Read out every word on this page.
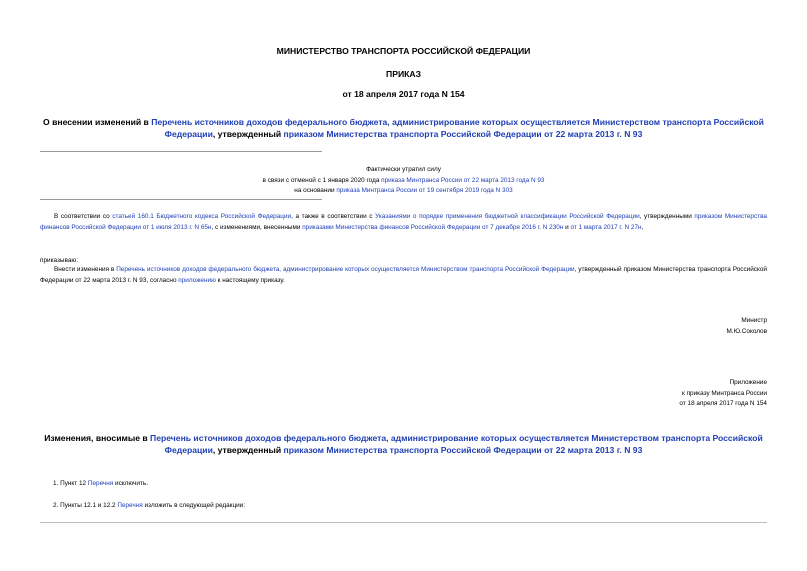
МИНИСТЕРСТВО ТРАНСПОРТА РОССИЙСКОЙ ФЕДЕРАЦИИ
ПРИКАЗ
от 18 апреля 2017 года N 154
О внесении изменений в Перечень источников доходов федерального бюджета, администрирование которых осуществляется Министерством транспорта Российской Федерации, утвержденный приказом Министерства транспорта Российской Федерации от 22 марта 2013 г. N 93
Фактически утратил силу
в связи с отменой с 1 января 2020 года приказа Минтранса России от 22 марта 2013 года N 93
на основании приказа Минтранса России от 19 сентября 2019 года N 303
В соответствии со статьей 160.1 Бюджетного кодекса Российской Федерации, а также в соответствии с Указаниями о порядке применения бюджетной классификации Российской Федерации, утвержденными приказом Министерства финансов Российской Федерации от 1 июля 2013 г. N 65н, с изменениями, внесенными приказами Министерства финансов Российской Федерации от 7 декабря 2016 г. N 230н и от 1 марта 2017 г. N 27н,
приказываю:
Внести изменения в Перечень источников доходов федерального бюджета, администрирование которых осуществляется Министерством транспорта Российской Федерации, утвержденный приказом Министерства транспорта Российской Федерации от 22 марта 2013 г. N 93, согласно приложению к настоящему приказу.
Министр
М.Ю.Соколов
Приложение
к приказу Минтранса России
от 18 апреля 2017 года N 154
Изменения, вносимые в Перечень источников доходов федерального бюджета, администрирование которых осуществляется Министерством транспорта Российской Федерации, утвержденный приказом Министерства транспорта Российской Федерации от 22 марта 2013 г. N 93
1. Пункт 12 Перечня исключить.
2. Пункты 12.1 и 12.2 Перечня изложить в следующей редакции:
